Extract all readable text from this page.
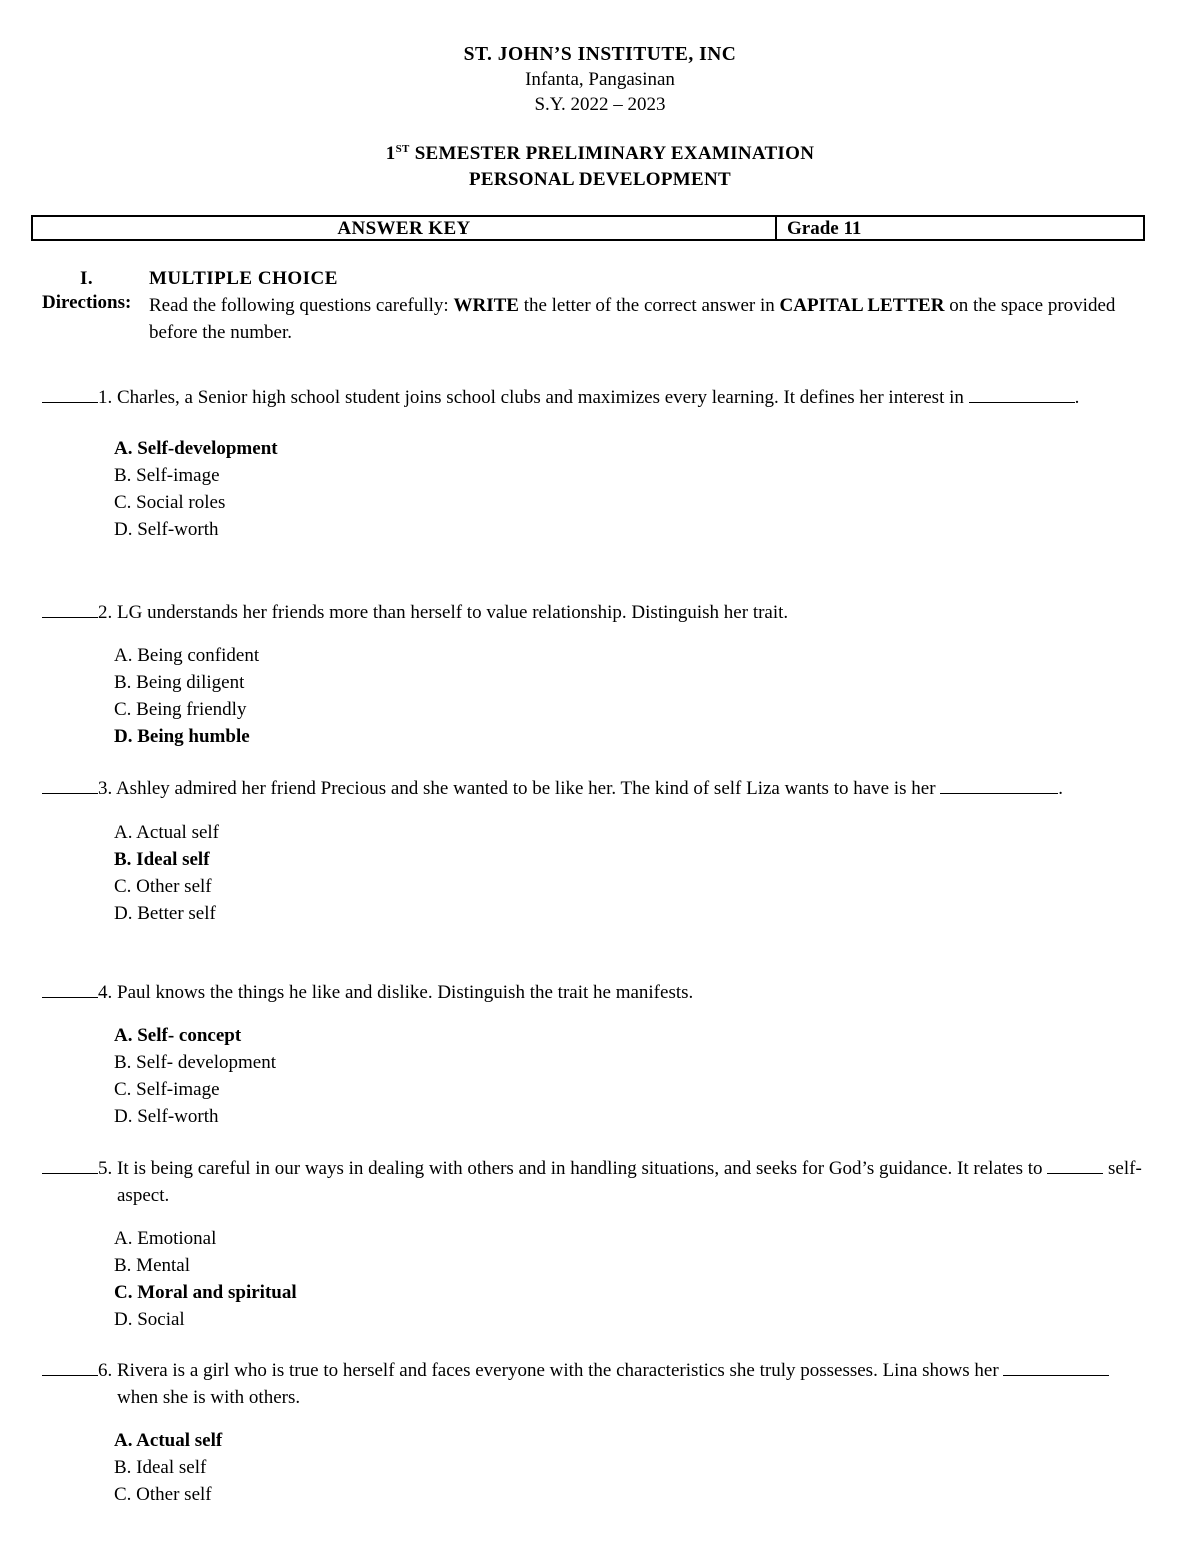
ST. JOHN’S INSTITUTE, INC
Infanta, Pangasinan
S.Y. 2022 – 2023
1ST SEMESTER PRELIMINARY EXAMINATION
PERSONAL DEVELOPMENT
ANSWER KEY	Grade 11
I.	MULTIPLE CHOICE
Directions: Read the following questions carefully: WRITE the letter of the correct answer in CAPITAL LETTER on the space provided before the number.
1. Charles, a Senior high school student joins school clubs and maximizes every learning. It defines her interest in	.
A. Self-development
B. Self-image
C. Social roles
D. Self-worth
2. LG understands her friends more than herself to value relationship. Distinguish her trait.
A. Being confident
B. Being diligent
C. Being friendly
D. Being humble
3. Ashley admired her friend Precious and she wanted to be like her. The kind of self Liza wants to have is her	.
A. Actual self
B. Ideal self
C. Other self
D. Better self
4. Paul knows the things he like and dislike. Distinguish the trait he manifests.
A. Self- concept
B. Self- development
C. Self-image
D. Self-worth
5. It is being careful in our ways in dealing with others and in handling situations, and seeks for God’s guidance. It relates to	self-aspect.
A. Emotional
B. Mental
C. Moral and spiritual
D. Social
6. Rivera is a girl who is true to herself and faces everyone with the characteristics she truly possesses. Lina shows her  when she is with others.
A. Actual self
B. Ideal self
C. Other self
